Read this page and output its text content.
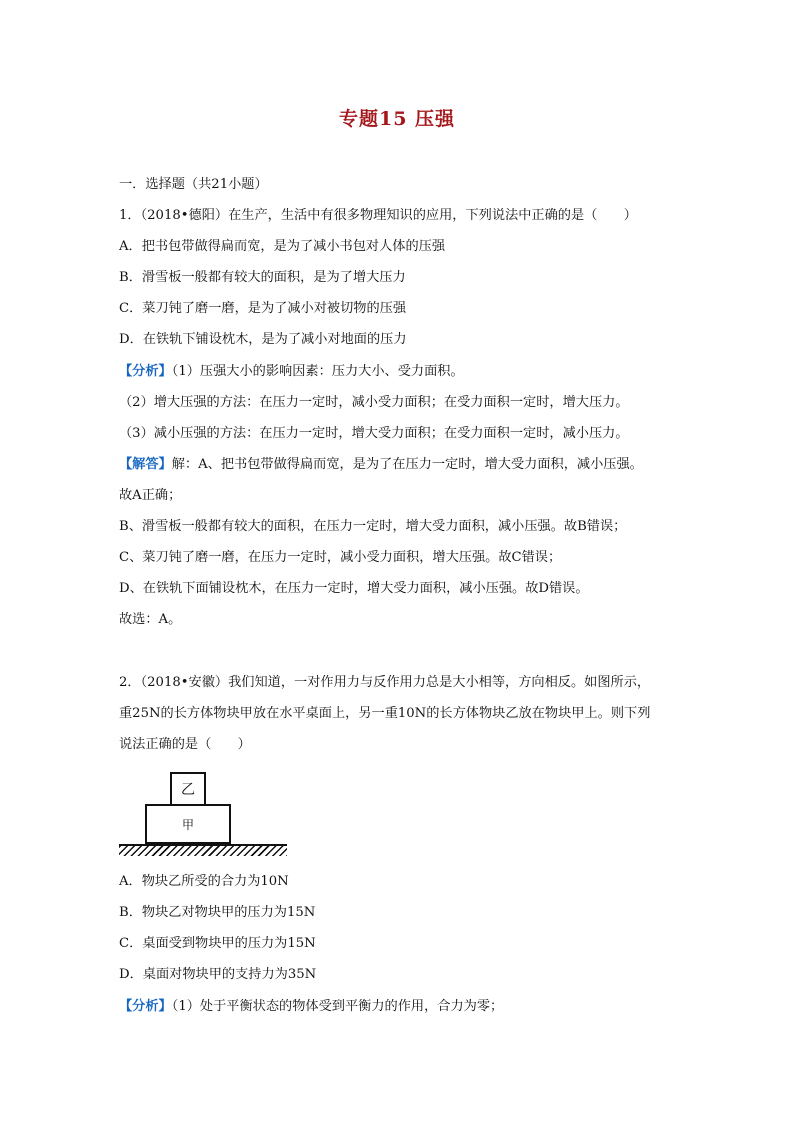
专题15 压强
一．选择题（共21小题）
1．（2018•德阳）在生产，生活中有很多物理知识的应用，下列说法中正确的是（　　）
A．把书包带做得扁而宽，是为了减小书包对人体的压强
B．滑雪板一般都有较大的面积，是为了增大压力
C．菜刀钝了磨一磨，是为了减小对被切物的压强
D．在铁轨下铺设枕木，是为了减小对地面的压力
【分析】（1）压强大小的影响因素：压力大小、受力面积。
（2）增大压强的方法：在压力一定时，减小受力面积；在受力面积一定时，增大压力。
（3）减小压强的方法：在压力一定时，增大受力面积；在受力面积一定时，减小压力。
【解答】解：A、把书包带做得扁而宽，是为了在压力一定时，增大受力面积，减小压强。
故A正确；
B、滑雪板一般都有较大的面积，在压力一定时，增大受力面积，减小压强。故B错误；
C、菜刀钝了磨一磨，在压力一定时，减小受力面积，增大压强。故C错误；
D、在铁轨下面铺设枕木，在压力一定时，增大受力面积，减小压强。故D错误。
故选：A。
2．（2018•安徽）我们知道，一对作用力与反作用力总是大小相等，方向相反。如图所示，
重25N的长方体物块甲放在水平桌面上，另一重10N的长方体物块乙放在物块甲上。则下列
说法正确的是（　　）
乙
甲
A．物块乙所受的合力为10N
B．物块乙对物块甲的压力为15N
C．桌面受到物块甲的压力为15N
D．桌面对物块甲的支持力为35N
【分析】（1）处于平衡状态的物体受到平衡力的作用，合力为零；
